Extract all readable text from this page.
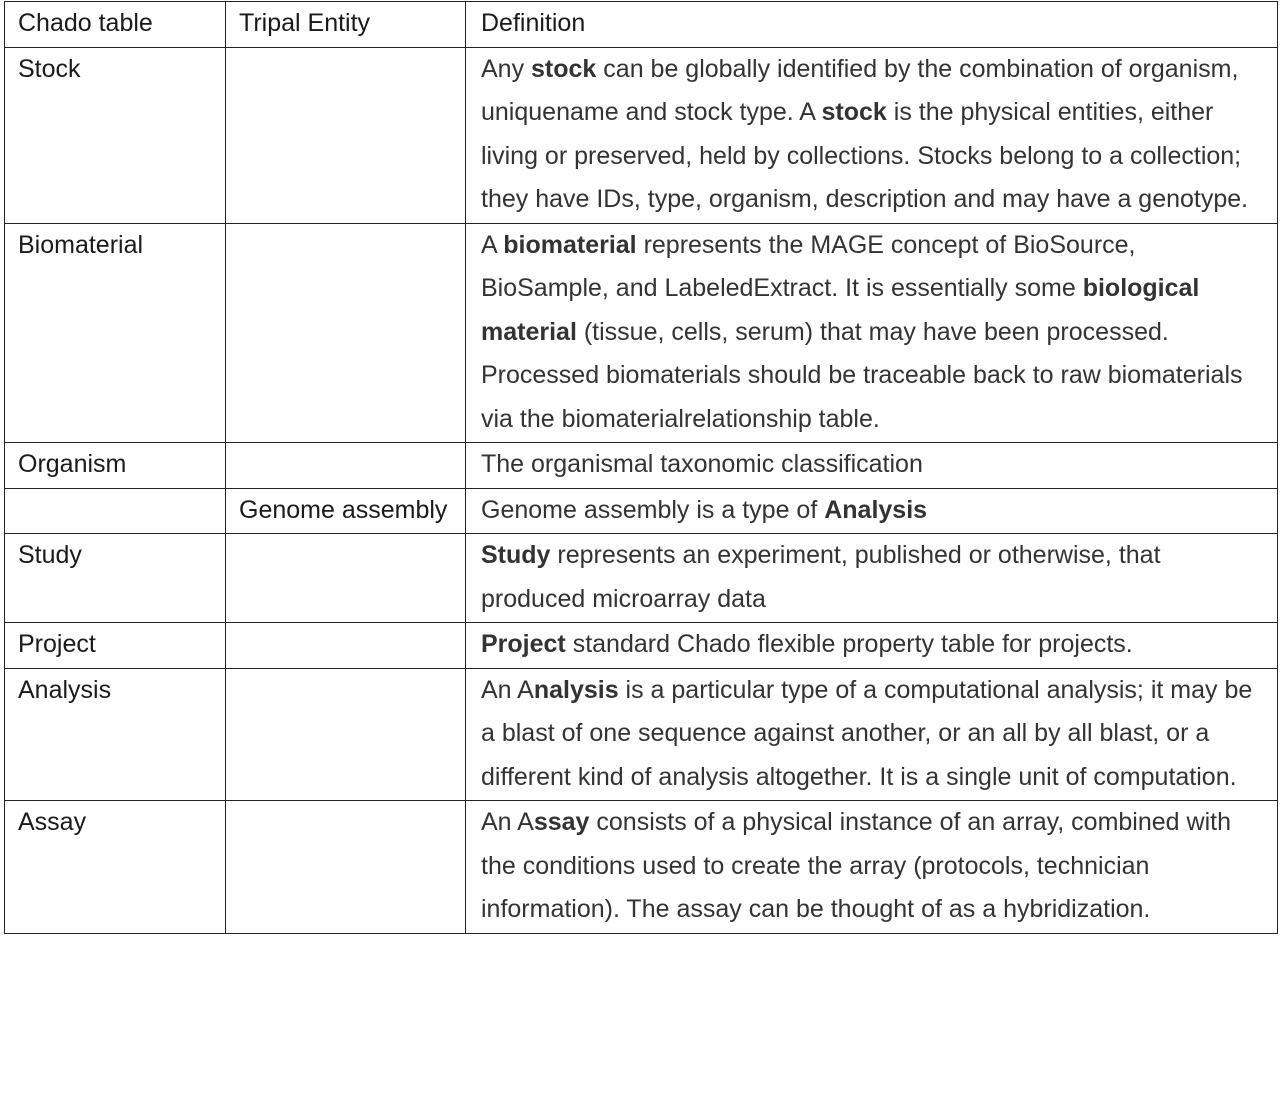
Chado table	Tripal Entity	Definition
Stock		Any stock can be globally identified by the combination of organism, uniquename and stock type. A stock is the physical entities, either living or preserved, held by collections. Stocks belong to a collection; they have IDs, type, organism, description and may have a genotype.
Biomaterial		A biomaterial represents the MAGE concept of BioSource, BioSample, and LabeledExtract. It is essentially some biological material (tissue, cells, serum) that may have been processed. Processed biomaterials should be traceable back to raw biomaterials via the biomaterialrelationship table.
Organism		The organismal taxonomic classification
	Genome assembly	Genome assembly is a type of Analysis
Study		Study represents an experiment, published or otherwise, that produced microarray data
Project		Project standard Chado flexible property table for projects.
Analysis		An Analysis is a particular type of a computational analysis; it may be a blast of one sequence against another, or an all by all blast, or a different kind of analysis altogether. It is a single unit of computation.
Assay		An Assay consists of a physical instance of an array, combined with the conditions used to create the array (protocols, technician information). The assay can be thought of as a hybridization.
